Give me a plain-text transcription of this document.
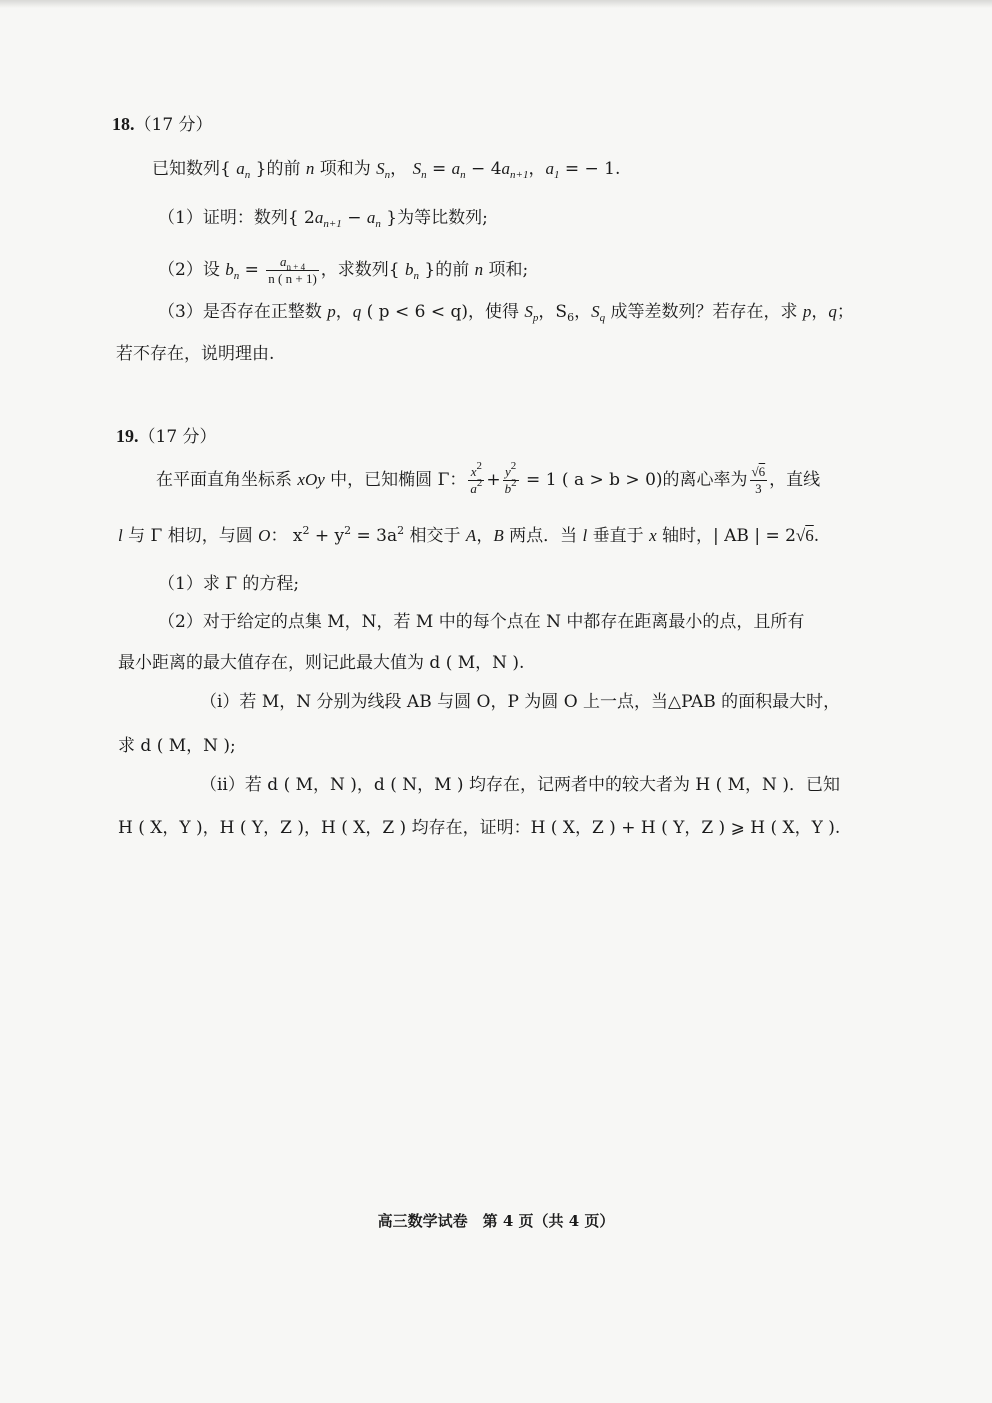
18.（17 分）
已知数列{ $a_n$ }的前 n 项和为 $S_n$， $S_n = a_n - 4a_{n+1}$，$a_1$ = − 1.
（1）证明：数列{ $2a_{n+1} - a_n$ }为等比数列;
（2）设 $b_n = \frac{a_{n + 4}}{n ( n + 1)}$ ，求数列{ $b_n$ }的前 n 项和;
（3）是否存在正整数 p，q ( p < 6 < q)，使得 $S_p$，$S_6$，$S_q$ 成等差数列？若存在，求 p，q；
若不存在，说明理由.
19.（17 分）
在平面直角坐标系 xOy 中，已知椭圆 Γ： $\frac{x^2}{a^2} + \frac{y^2}{b^2} = 1$ ( a > b > 0)的离心率为 $\frac{√6}{3}$ ，直线
l 与 Γ 相切，与圆 O： $x^2 + y^2 = 3a^2$ 相交于 A，B 两点．当 l 垂直于 x 轴时，| AB | = 2√6.
（1）求 Γ 的方程;
（2）对于给定的点集 M，N，若 M 中的每个点在 N 中都存在距离最小的点，且所有
最小距离的最大值存在，则记此最大值为 d ( M，N ).
（i）若 M，N 分别为线段 AB 与圆 O，P 为圆 O 上一点，当△PAB 的面积最大时，
求 d ( M，N );
（ii）若 d ( M，N )，d ( N，M ) 均存在，记两者中的较大者为 H ( M，N )．已知
H ( X，Y )，H ( Y，Z )，H ( X，Z ) 均存在，证明：H ( X，Z ) + H ( Y，Z ) ⩾ H ( X，Y ).
高三数学试卷　第 4 页（共 4 页）
